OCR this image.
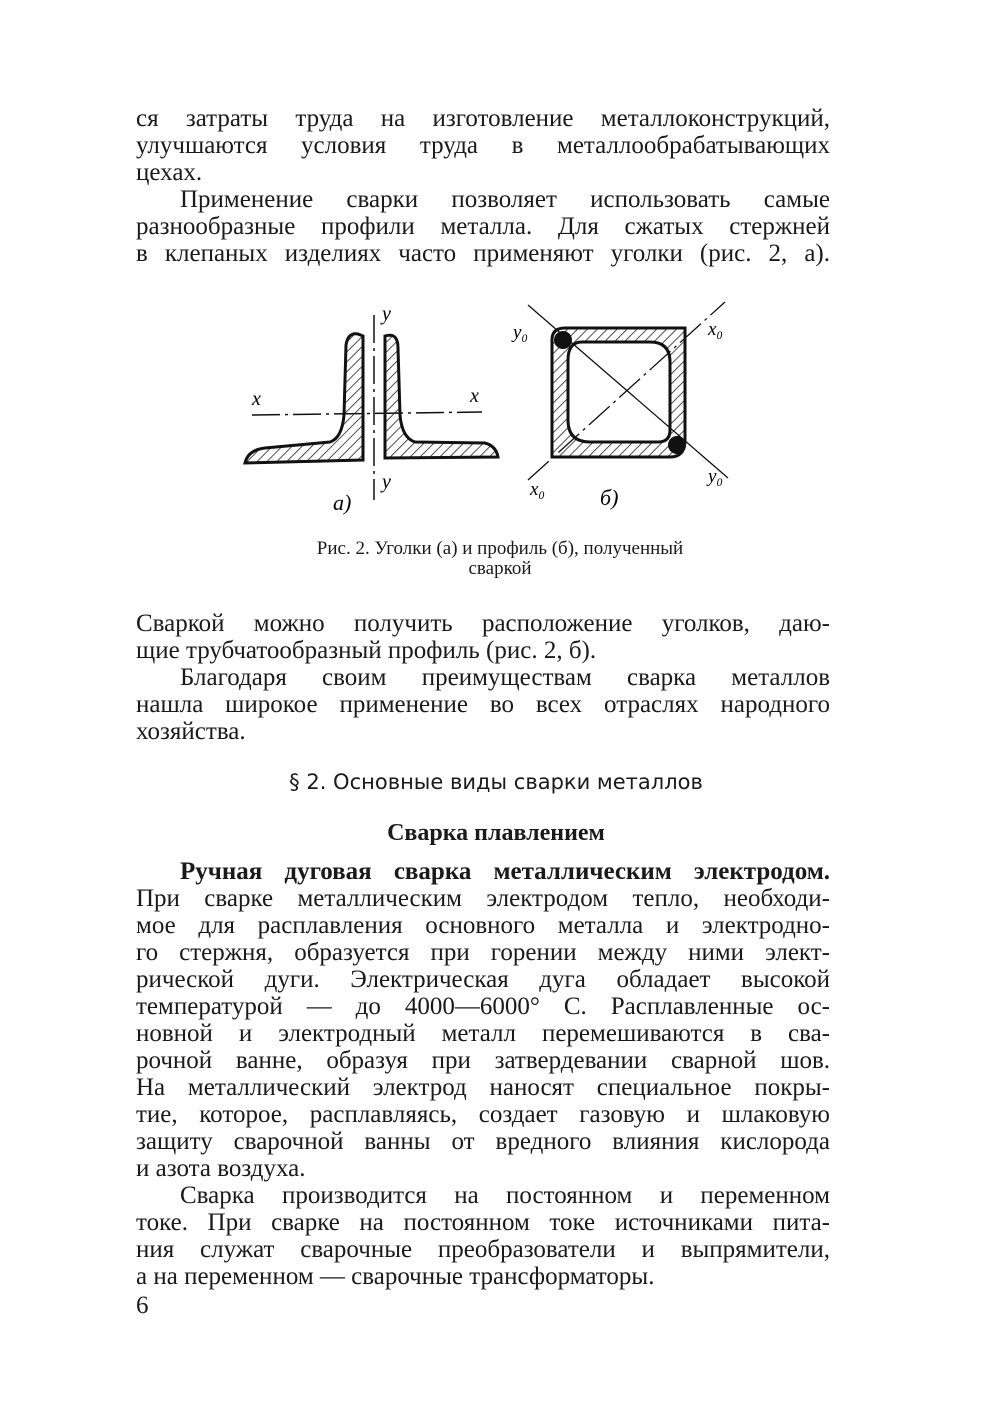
ся затраты труда на изготовление металлоконструкций,
улучшаются условия труда в металлообрабатывающих
цехах.
Применение сварки позволяет использовать самые
разнообразные профили металла. Для сжатых стержней
в клепаных изделиях часто применяют уголки (рис. 2, а).
y
y
x	x
а)
y₀	x₀
x₀
y₀
б)
Рис. 2. Уголки (а) и профиль (б), полученный
сваркой
Сваркой можно получить расположение уголков, даю-
щие трубчатообразный профиль (рис. 2, б).
Благодаря своим преимуществам сварка металлов
нашла широкое применение во всех отраслях народного
хозяйства.
§ 2. Основные виды сварки металлов
Сварка плавлением
Ручная дуговая сварка металлическим электродом.
При сварке металлическим электродом тепло, необходи-
мое для расплавления основного металла и электродно-
го стержня, образуется при горении между ними элект-
рической дуги. Электрическая дуга обладает высокой
температурой — до 4000—6000° С. Расплавленные ос-
новной и электродный металл перемешиваются в сва-
рочной ванне, образуя при затвердевании сварной шов.
На металлический электрод наносят специальное покры-
тие, которое, расплавляясь, создает газовую и шлаковую
защиту сварочной ванны от вредного влияния кислорода
и азота воздуха.
Сварка производится на постоянном и переменном
токе. При сварке на постоянном токе источниками пита-
ния служат сварочные преобразователи и выпрямители,
а на переменном — сварочные трансформаторы.
6
